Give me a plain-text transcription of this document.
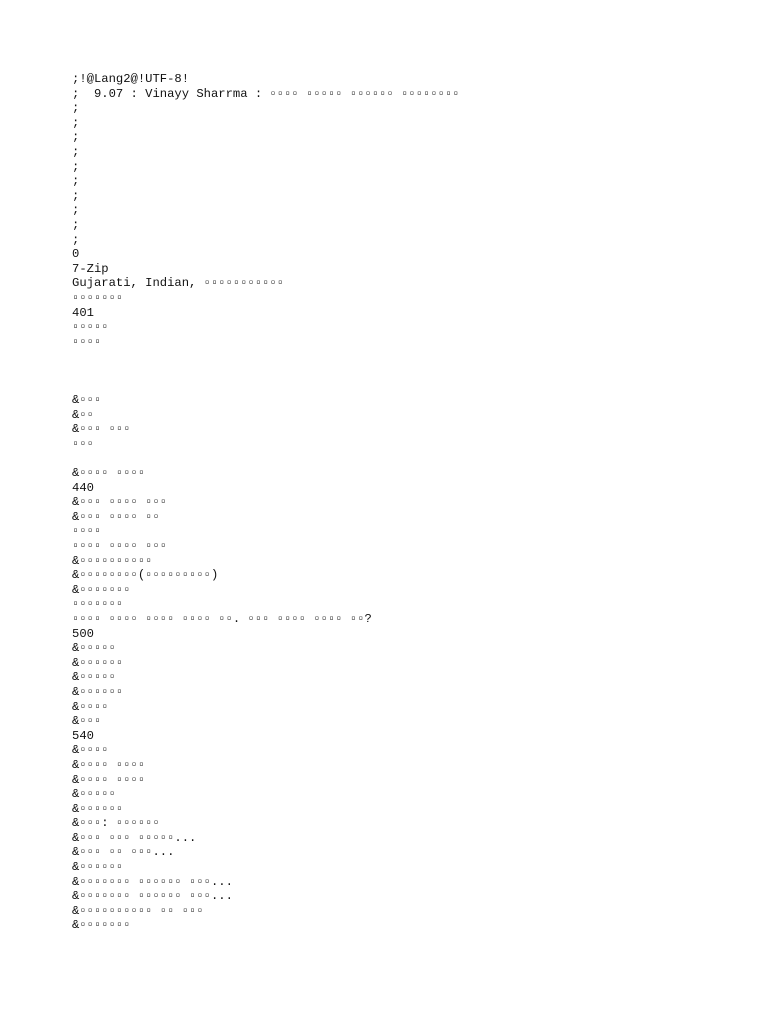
;!@Lang2@!UTF-8!
;  9.07 : Vinayy Sharrma : ▫▫▫▫ ▫▫▫▫▫ ▫▫▫▫▫▫ ▫▫▫▫▫▫▫▫
;
;
;
;
;
;
;
;
;
;
0
7-Zip
Gujarati, Indian, ▫▫▫▫▫▫▫▫▫▫▫
▫▫▫▫▫▫▫
401
▫▫▫▫▫
▫▫▫▫
&▫▫▫
&▫▫
&▫▫▫ ▫▫▫
▫▫▫
&▫▫▫▫ ▫▫▫▫
440
&▫▫▫ ▫▫▫▫ ▫▫▫
&▫▫▫ ▫▫▫▫ ▫▫
▫▫▫▫
▫▫▫▫ ▫▫▫▫ ▫▫▫
&▫▫▫▫▫▫▫▫▫▫
&▫▫▫▫▫▫▫▫(▫▫▫▫▫▫▫▫▫)
&▫▫▫▫▫▫▫
▫▫▫▫▫▫▫
▫▫▫▫ ▫▫▫▫ ▫▫▫▫ ▫▫▫▫ ▫▫. ▫▫▫ ▫▫▫▫ ▫▫▫▫ ▫▫?
500
&▫▫▫▫▫
&▫▫▫▫▫▫
&▫▫▫▫▫
&▫▫▫▫▫▫
&▫▫▫▫
&▫▫▫
540
&▫▫▫▫
&▫▫▫▫ ▫▫▫▫
&▫▫▫▫ ▫▫▫▫
&▫▫▫▫▫
&▫▫▫▫▫▫
&▫▫▫: ▫▫▫▫▫▫
&▫▫▫ ▫▫▫ ▫▫▫▫▫...
&▫▫▫ ▫▫ ▫▫▫...
&▫▫▫▫▫▫
&▫▫▫▫▫▫▫ ▫▫▫▫▫▫ ▫▫▫...
&▫▫▫▫▫▫▫ ▫▫▫▫▫▫ ▫▫▫...
&▫▫▫▫▫▫▫▫▫▫ ▫▫ ▫▫▫
&▫▫▫▫▫▫▫
